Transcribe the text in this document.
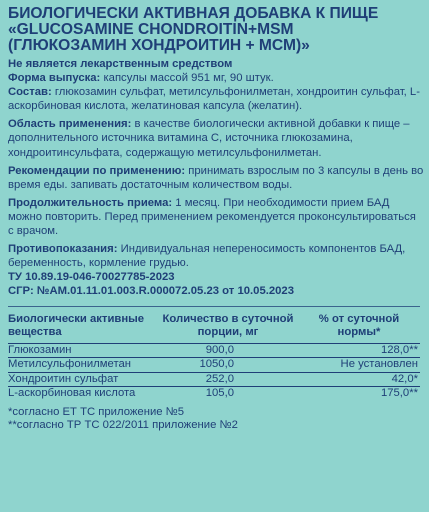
БИОЛОГИЧЕСКИ АКТИВНАЯ ДОБАВКА К ПИЩЕ
«GLUCOSAMINE CHONDROITIN+MSM
(ГЛЮКОЗАМИН ХОНДРОИТИН + МСМ)»

Не является лекарственным средством

Форма выпуска: капсулы массой 951 мг, 90 штук.

Состав: глюкозамин сульфат, метилсульфонилметан, хондроитин сульфат, L-аскорбиновая кислота, желатиновая капсула (желатин).

Область применения: в качестве биологически активной добавки к пище – дополнительного источника витамина С, источника глюкозамина, хондроитинсульфата, содержащую метилсульфонилметан.

Рекомендации по применению: принимать взрослым по 3 капсулы в день во время еды. запивать достаточным количеством воды.

Продолжительность приема: 1 месяц. При необходимости прием БАД можно повторить. Перед применением рекомендуется проконсультироваться с врачом.

Противопоказания: Индивидуальная непереносимость компонентов БАД, беременность, кормление грудью.

ТУ 10.89.19-046-70027785-2023

СГР: №AM.01.11.01.003.R.000072.05.23 от 10.05.2023

Биологически активные вещества	Количество в суточной порции, мг	% от суточной нормы*
Глюкозамин	900,0	128,0**
Метилсульфонилметан	1050,0	Не установлен
Хондроитин сульфат	252,0	42,0*
L-аскорбиновая кислота	105,0	175,0**
*согласно ЕТ ТС приложение №5
**согласно ТР ТС 022/2011 приложение №2
